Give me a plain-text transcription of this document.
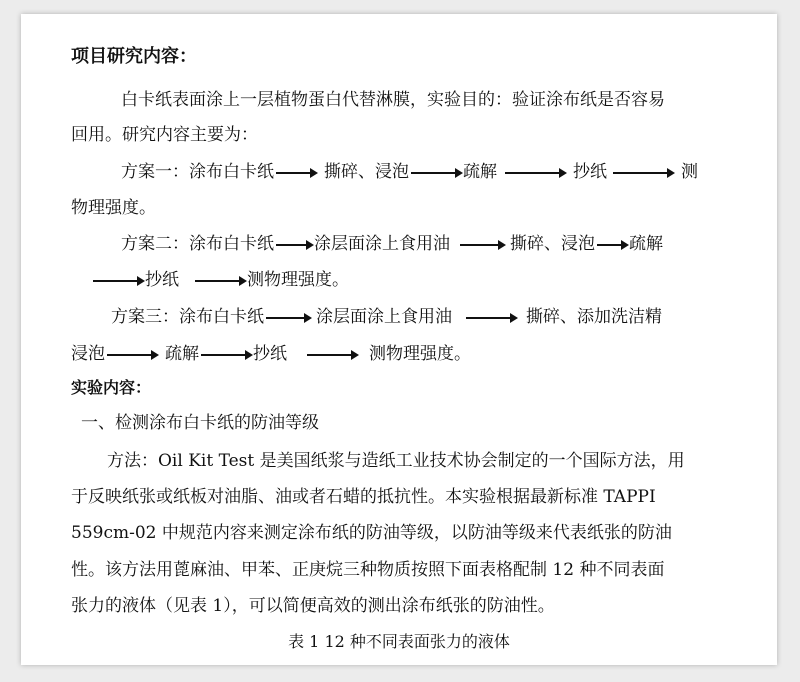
项目研究内容：
白卡纸表面涂上一层植物蛋白代替淋膜，实验目的：验证涂布纸是否容易
回用。研究内容主要为：
方案一：涂布白卡纸	撕碎、浸泡	疏解	抄纸	测
物理强度。
方案二：涂布白卡纸 涂层面涂上食用油	撕碎、浸泡 疏解
抄纸	测物理强度。
方案三：涂布白卡纸	涂层面涂上食用油	撕碎、添加洗洁精
浸泡	疏解	抄纸	测物理强度。
实验内容：
一、检测涂布白卡纸的防油等级
方法：Oil Kit Test 是美国纸浆与造纸工业技术协会制定的一个国际方法，用
于反映纸张或纸板对油脂、油或者石蜡的抵抗性。本实验根据最新标准 TAPPI
559cm-02 中规范内容来测定涂布纸的防油等级，以防油等级来代表纸张的防油
性。该方法用蓖麻油、甲苯、正庚烷三种物质按照下面表格配制 12 种不同表面
张力的液体（见表 1），可以简便高效的测出涂布纸张的防油性。
表 1 12 种不同表面张力的液体
